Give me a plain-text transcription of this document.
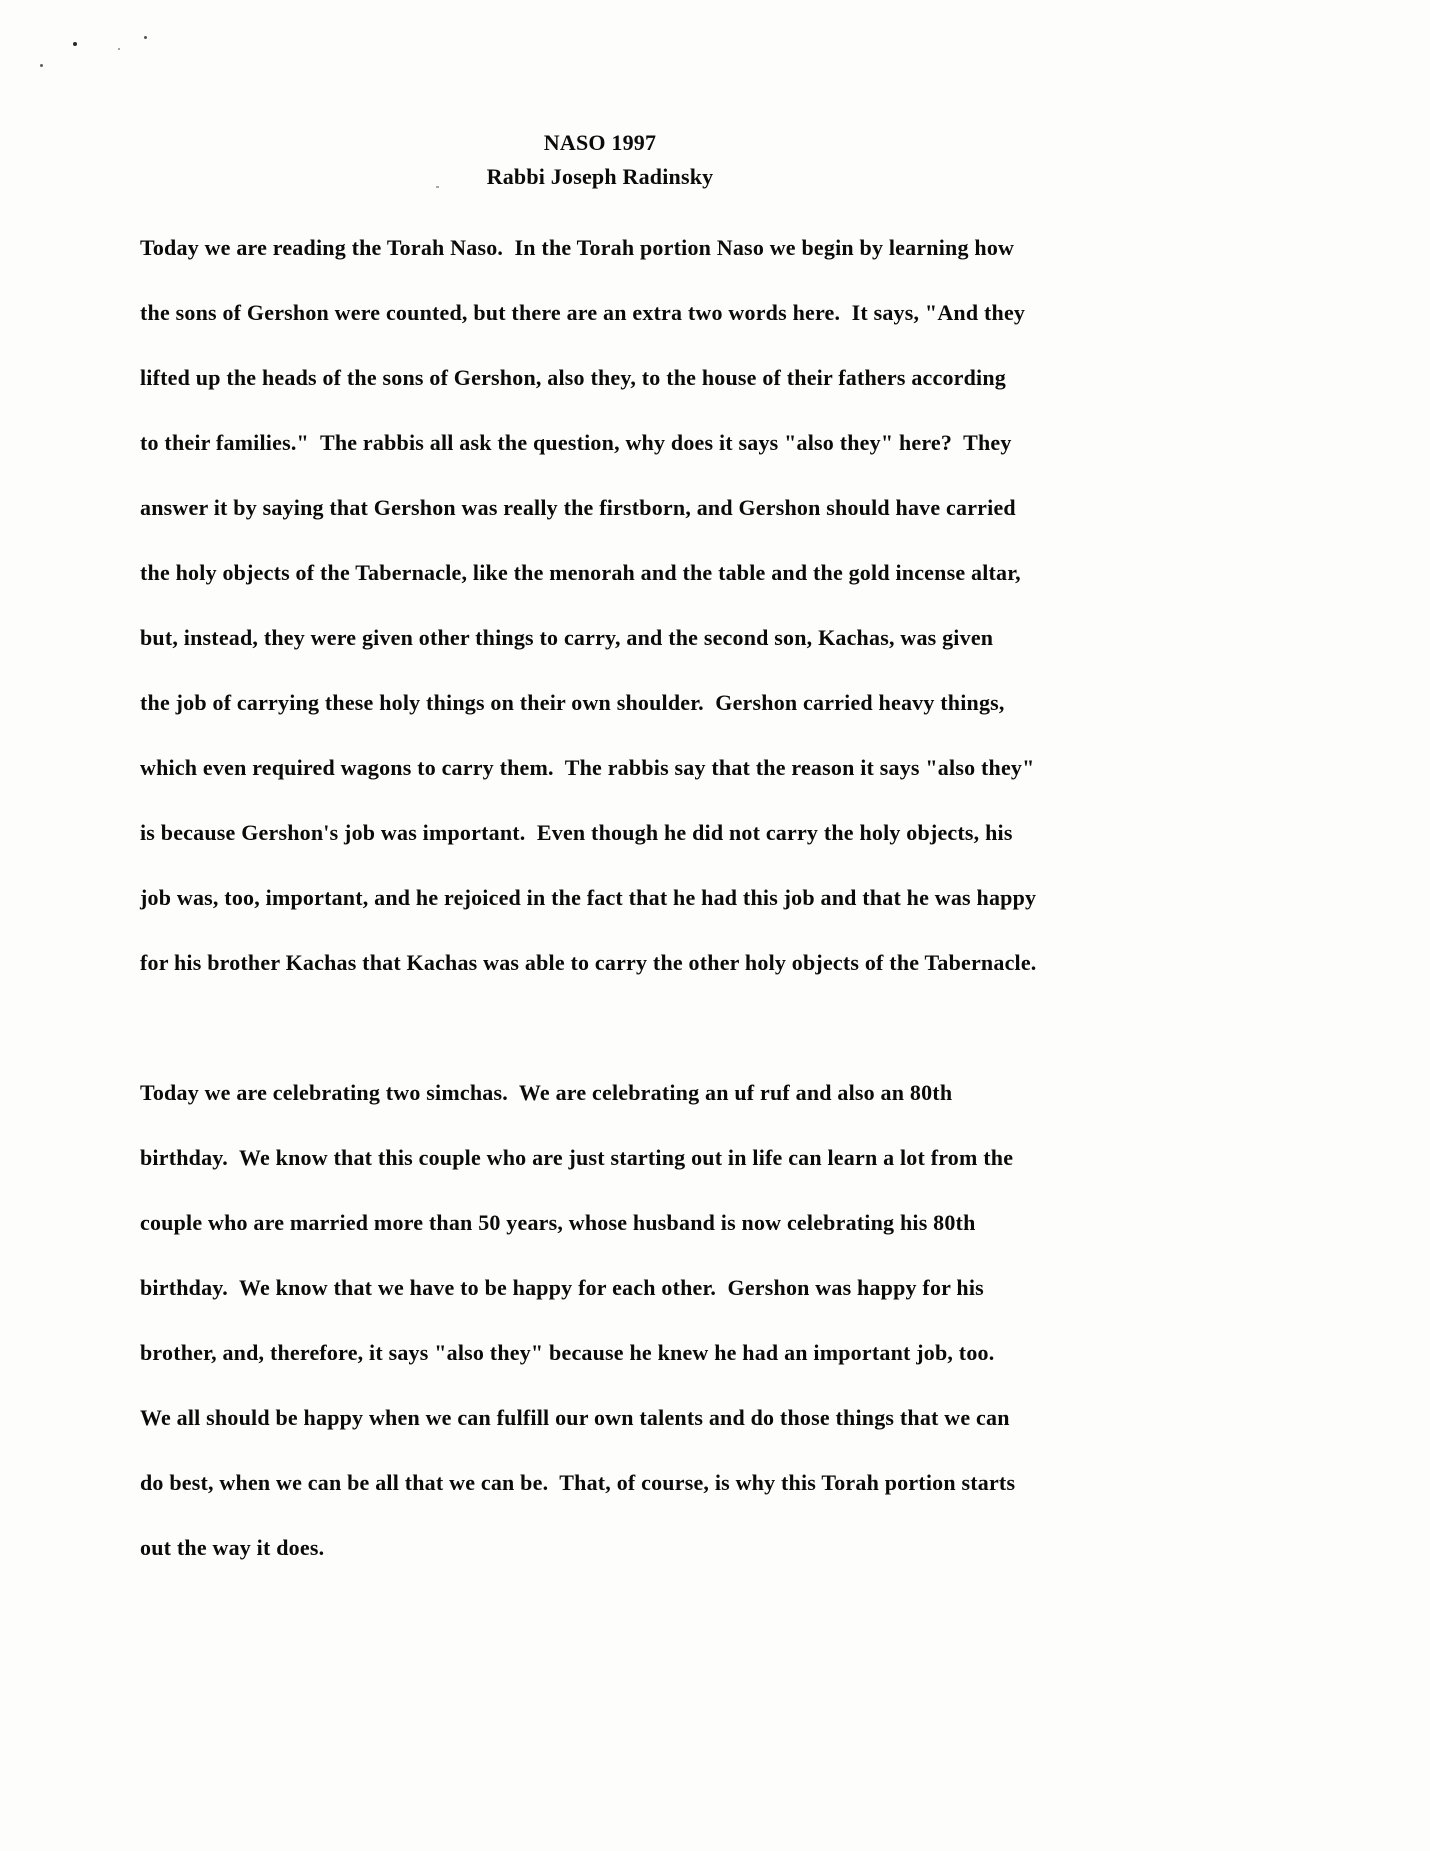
NASO 1997
Rabbi Joseph Radinsky
Today we are reading the Torah Naso.  In the Torah portion Naso we begin by learning how
the sons of Gershon were counted, but there are an extra two words here.  It says, "And they
lifted up the heads of the sons of Gershon, also they, to the house of their fathers according
to their families."  The rabbis all ask the question, why does it says "also they" here?  They
answer it by saying that Gershon was really the firstborn, and Gershon should have carried
the holy objects of the Tabernacle, like the menorah and the table and the gold incense altar,
but, instead, they were given other things to carry, and the second son, Kachas, was given
the job of carrying these holy things on their own shoulder.  Gershon carried heavy things,
which even required wagons to carry them.  The rabbis say that the reason it says "also they"
is because Gershon's job was important.  Even though he did not carry the holy objects, his
job was, too, important, and he rejoiced in the fact that he had this job and that he was happy
for his brother Kachas that Kachas was able to carry the other holy objects of the Tabernacle.
Today we are celebrating two simchas.  We are celebrating an uf ruf and also an 80th
birthday.  We know that this couple who are just starting out in life can learn a lot from the
couple who are married more than 50 years, whose husband is now celebrating his 80th
birthday.  We know that we have to be happy for each other.  Gershon was happy for his
brother, and, therefore, it says "also they" because he knew he had an important job, too.
We all should be happy when we can fulfill our own talents and do those things that we can
do best, when we can be all that we can be.  That, of course, is why this Torah portion starts
out the way it does.
